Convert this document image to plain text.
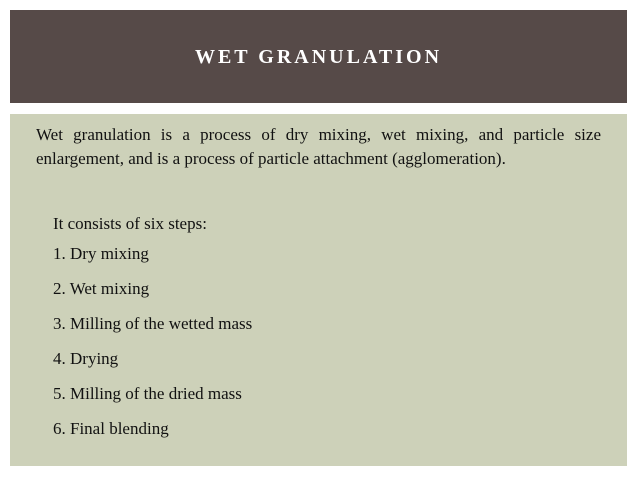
WET GRANULATION
Wet granulation is a process of dry mixing, wet mixing, and particle size enlargement, and is a process of particle attachment (agglomeration).
It consists of six steps:
1. Dry mixing
2. Wet mixing
3. Milling of the wetted mass
4. Drying
5. Milling of the dried mass
6. Final blending
